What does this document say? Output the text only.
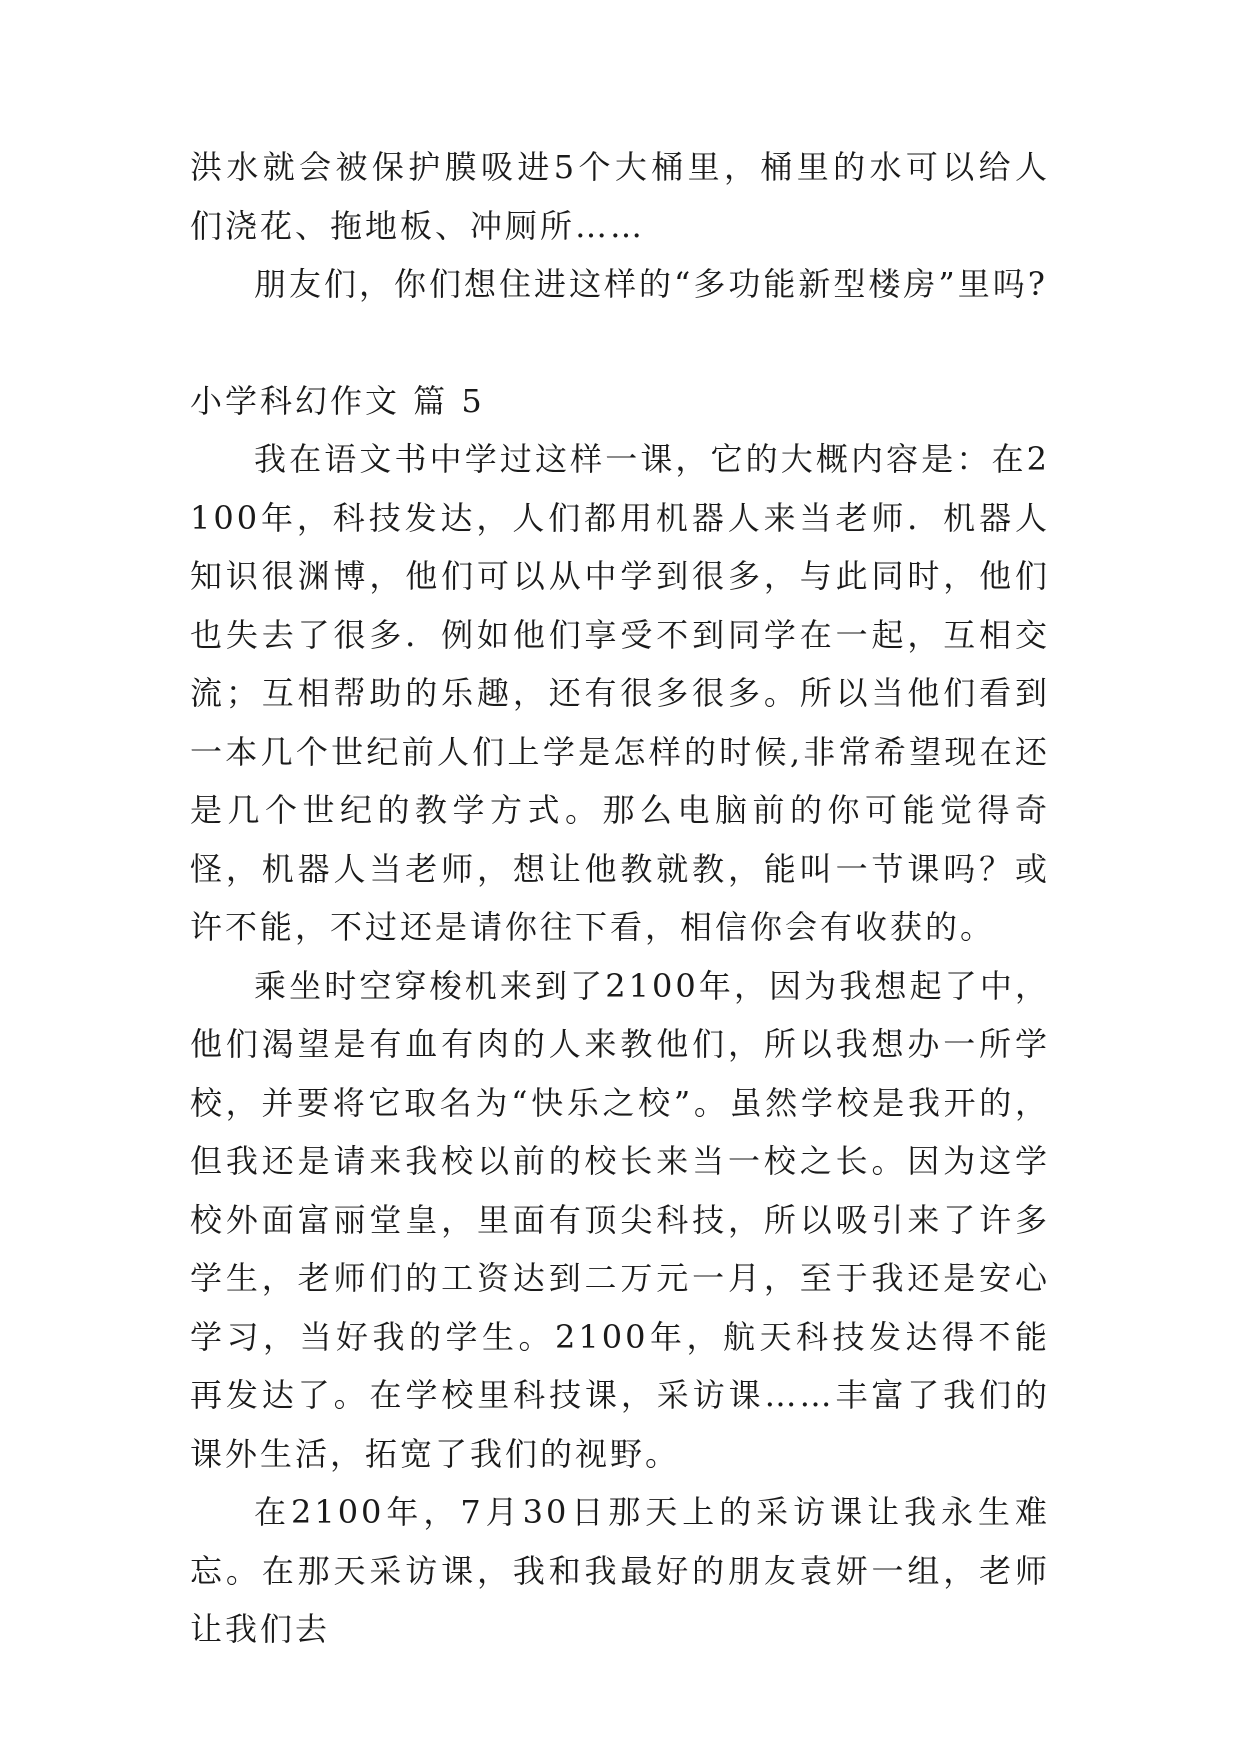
洪水就会被保护膜吸进5个大桶里，桶里的水可以给人们浇花、拖地板、冲厕所……

朋友们，你们想住进这样的“多功能新型楼房”里吗?

小学科幻作文 篇 5

我在语文书中学过这样一课，它的大概内容是：在2100年，科技发达，人们都用机器人来当老师．机器人知识很渊博，他们可以从中学到很多，与此同时，他们也失去了很多．例如他们享受不到同学在一起，互相交流；互相帮助的乐趣，还有很多很多。所以当他们看到一本几个世纪前人们上学是怎样的时候,非常希望现在还是几个世纪的教学方式。那么电脑前的你可能觉得奇怪，机器人当老师，想让他教就教，能叫一节课吗？或许不能，不过还是请你往下看，相信你会有收获的。

乘坐时空穿梭机来到了2100年，因为我想起了中，他们渴望是有血有肉的人来教他们，所以我想办一所学校，并要将它取名为“快乐之校”。虽然学校是我开的，但我还是请来我校以前的校长来当一校之长。因为这学校外面富丽堂皇，里面有顶尖科技，所以吸引来了许多学生，老师们的工资达到二万元一月，至于我还是安心学习，当好我的学生。2100年，航天科技发达得不能再发达了。在学校里科技课，采访课……丰富了我们的课外生活，拓宽了我们的视野。

在2100年，7月30日那天上的采访课让我永生难忘。在那天采访课，我和我最好的朋友袁妍一组，老师让我们去
